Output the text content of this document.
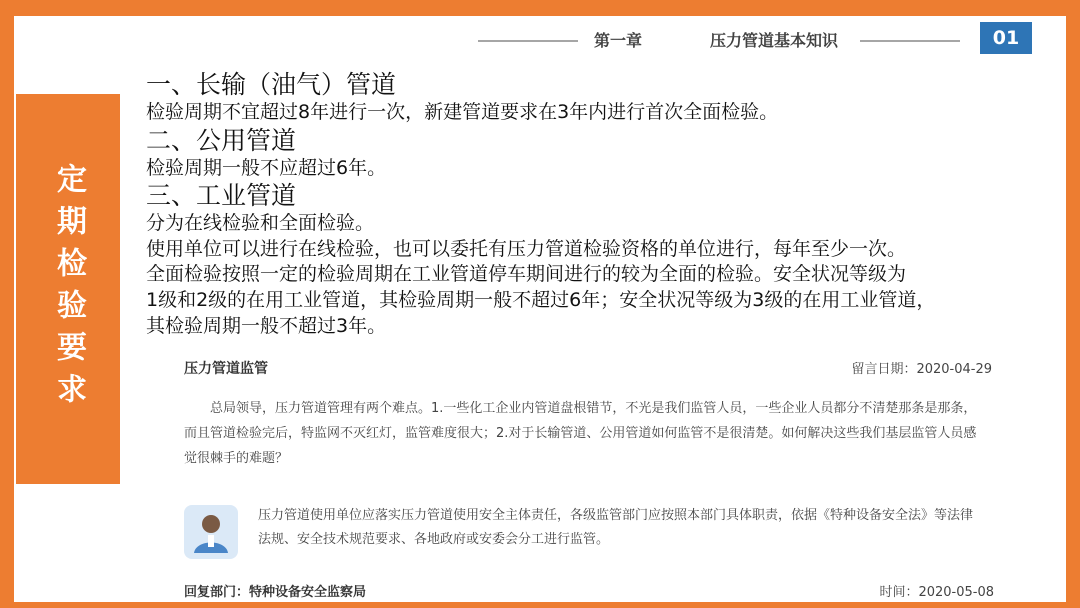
第一章	压力管道基本知识	01
定期检验要求

一、长输（油气）管道

检验周期不宜超过8年进行一次，新建管道要求在3年内进行首次全面检验。

二、公用管道

检验周期一般不应超过6年。

三、工业管道

分为在线检验和全面检验。

使用单位可以进行在线检验，也可以委托有压力管道检验资格的单位进行，每年至少一次。

全面检验按照一定的检验周期在工业管道停车期间进行的较为全面的检验。安全状况等级为

1级和2级的在用工业管道，其检验周期一般不超过6年；安全状况等级为3级的在用工业管道，

其检验周期一般不超过3年。

压力管道监管	留言日期：2020-04-29
总局领导，压力管道管理有两个难点。1.一些化工企业内管道盘根错节，不光是我们监管人员，一些企业人员都分不清楚那条是那条，而且管道检验完后，特监网不灭红灯，监管难度很大；2.对于长输管道、公用管道如何监管不是很清楚。如何解决这些我们基层监管人员感觉很棘手的难题？
压力管道使用单位应落实压力管道使用安全主体责任，各级监管部门应按照本部门具体职责，依据《特种设备安全法》等法律法规、安全技术规范要求、各地政府或安委会分工进行监管。
回复部门：特种设备安全监察局	时间：2020-05-08
